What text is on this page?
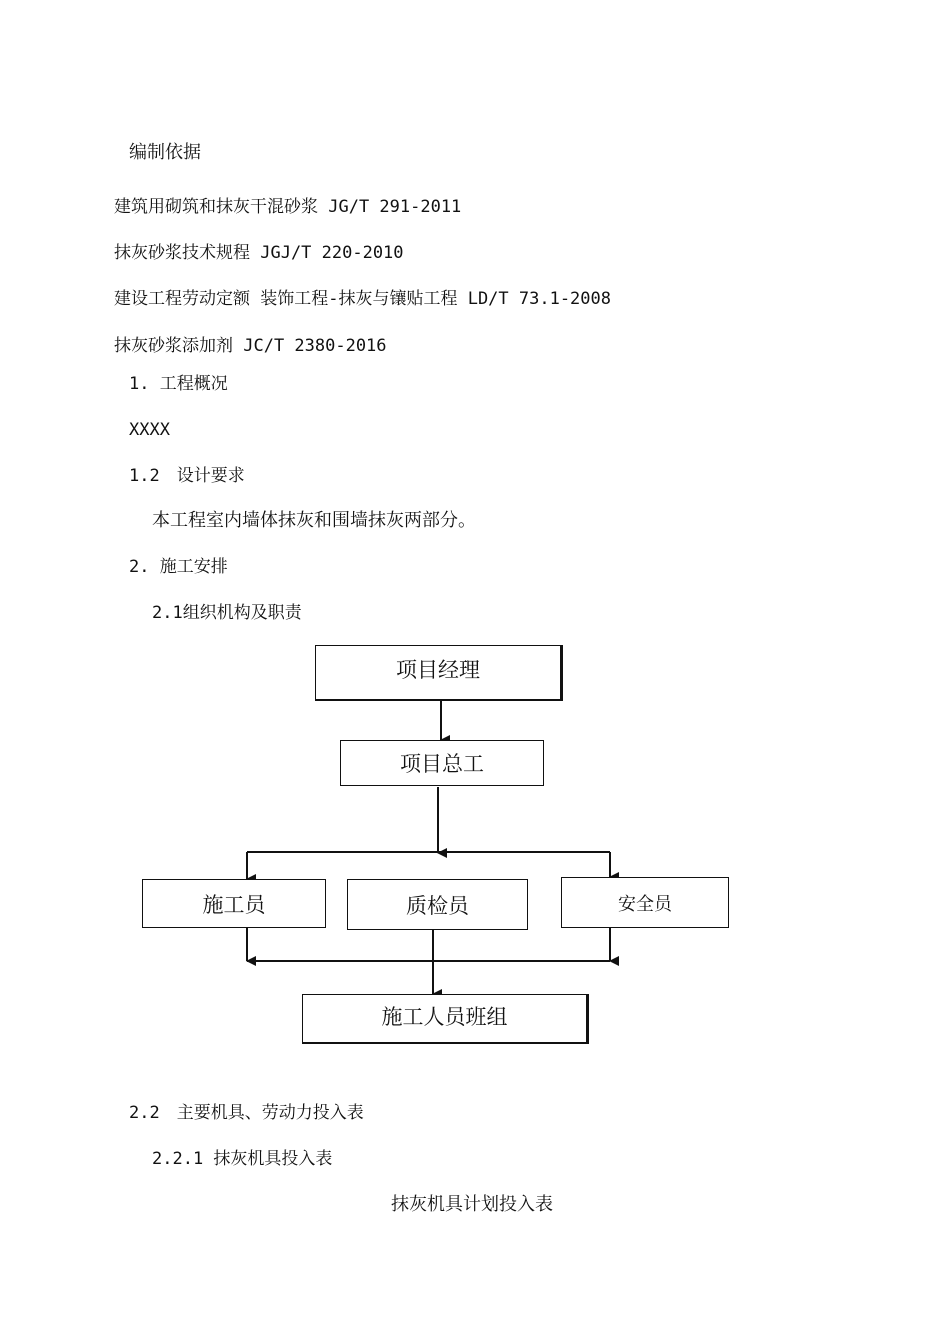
编制依据
建筑用砌筑和抹灰干混砂浆 JG/T 291-2011
抹灰砂浆技术规程 JGJ/T 220-2010
建设工程劳动定额 装饰工程-抹灰与镶贴工程 LD/T 73.1-2008
抹灰砂浆添加剂 JC/T 2380-2016
1. 工程概况
XXXX
1.2　设计要求
本工程室内墙体抹灰和围墙抹灰两部分。
2. 施工安排
2.1组织机构及职责
项目经理
项目总工
施工员	质检员	安全员
施工人员班组
2.2　主要机具、劳动力投入表
2.2.1 抹灰机具投入表
抹灰机具计划投入表
